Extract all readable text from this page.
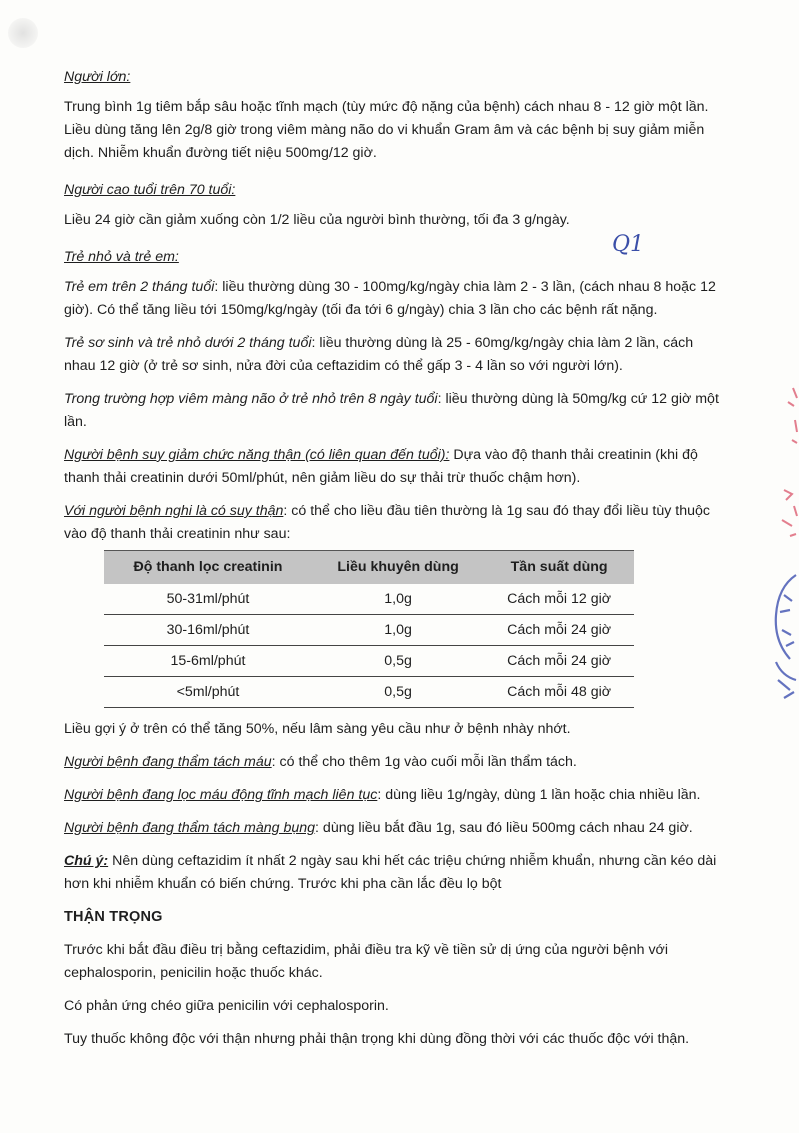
Người lớn:

Trung bình 1g tiêm bắp sâu hoặc tĩnh mạch (tùy mức độ nặng của bệnh) cách nhau 8 - 12 giờ một lần. Liều dùng tăng lên 2g/8 giờ trong viêm màng não do vi khuẩn Gram âm và các bệnh bị suy giảm miễn dịch. Nhiễm khuẩn đường tiết niệu 500mg/12 giờ.

Người cao tuổi trên 70 tuổi:

Liều 24 giờ cần giảm xuống còn 1/2 liều của người bình thường, tối đa 3 g/ngày.

Trẻ nhỏ và trẻ em:

Trẻ em trên 2 tháng tuổi: liều thường dùng 30 - 100mg/kg/ngày chia làm 2 - 3 lần, (cách nhau 8 hoặc 12 giờ). Có thể tăng liều tới 150mg/kg/ngày (tối đa tới 6 g/ngày) chia 3 lần cho các bệnh rất nặng.

Trẻ sơ sinh và trẻ nhỏ dưới 2 tháng tuổi: liều thường dùng là 25 - 60mg/kg/ngày chia làm 2 lần, cách nhau 12 giờ (ở trẻ sơ sinh, nửa đời của ceftazidim có thể gấp 3 - 4 lần so với người lớn).

Trong trường hợp viêm màng não ở trẻ nhỏ trên 8 ngày tuổi: liều thường dùng là 50mg/kg cứ 12 giờ một lần.

Người bệnh suy giảm chức năng thận (có liên quan đến tuổi): Dựa vào độ thanh thải creatinin (khi độ thanh thải creatinin dưới 50ml/phút, nên giảm liều do sự thải trừ thuốc chậm hơn).

Với người bệnh nghi là có suy thận: có thể cho liều đầu tiên thường là 1g sau đó thay đổi liều tùy thuộc vào độ thanh thải creatinin như sau:

Độ thanh lọc creatinin	Liều khuyên dùng	Tần suất dùng
50-31ml/phút	1,0g	Cách mỗi 12 giờ
30-16ml/phút	1,0g	Cách mỗi 24 giờ
15-6ml/phút	0,5g	Cách mỗi 24 giờ
<5ml/phút	0,5g	Cách mỗi 48 giờ

Liều gợi ý ở trên có thể tăng 50%, nếu lâm sàng yêu cầu như ở bệnh nhày nhớt.

Người bệnh đang thẩm tách máu: có thể cho thêm 1g vào cuối mỗi lần thẩm tách.

Người bệnh đang lọc máu động tĩnh mạch liên tục: dùng liều 1g/ngày, dùng 1 lần hoặc chia nhiều lần.

Người bệnh đang thẩm tách màng bụng: dùng liều bắt đầu 1g, sau đó liều 500mg cách nhau 24 giờ.

Chú ý: Nên dùng ceftazidim ít nhất 2 ngày sau khi hết các triệu chứng nhiễm khuẩn, nhưng cần kéo dài hơn khi nhiễm khuẩn có biến chứng. Trước khi pha cần lắc đều lọ bột

THẬN TRỌNG

Trước khi bắt đầu điều trị bằng ceftazidim, phải điều tra kỹ về tiền sử dị ứng của người bệnh với cephalosporin, penicilin hoặc thuốc khác.

Có phản ứng chéo giữa penicilin với cephalosporin.

Tuy thuốc không độc với thận nhưng phải thận trọng khi dùng đồng thời với các thuốc độc với thận.

Q1
